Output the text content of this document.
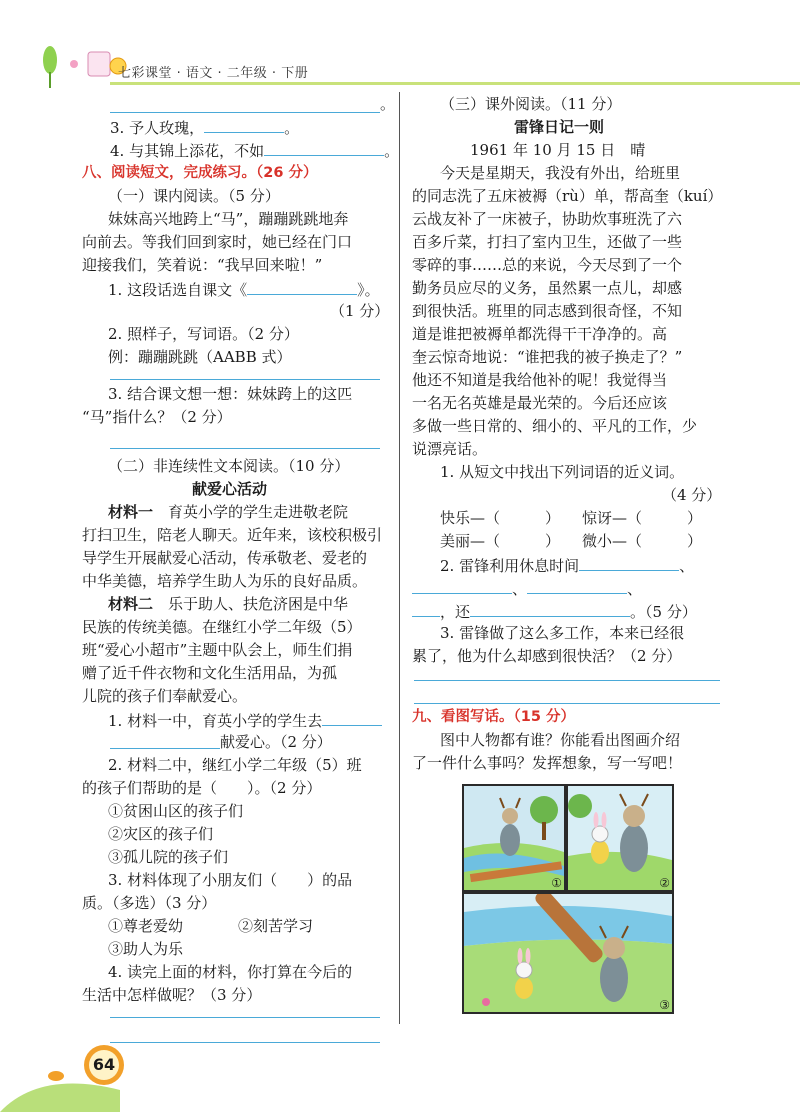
七彩课堂 · 语文 · 二年级 · 下册
。
3. 予人玫瑰，	。
4. 与其锦上添花，不如	。
八、阅读短文，完成练习。（26 分）
（一）课内阅读。（5 分）
妹妹高兴地跨上“马”，蹦蹦跳跳地奔
向前去。等我们回到家时，她已经在门口
迎接我们，笑着说：“我早回来啦！”
1. 这段话选自课文《	》。
（1 分）
2. 照样子，写词语。（2 分）
例：蹦蹦跳跳（AABB 式）
3. 结合课文想一想：妹妹跨上的这匹
“马”指什么？（2 分）
（二）非连续性文本阅读。（10 分）
献爱心活动
材料一　育英小学的学生走进敬老院
打扫卫生，陪老人聊天。近年来，该校积极引
导学生开展献爱心活动，传承敬老、爱老的
中华美德，培养学生助人为乐的良好品质。
材料二　乐于助人、扶危济困是中华
民族的传统美德。在继红小学二年级（5）
班“爱心小超市”主题中队会上，师生们捐
赠了近千件衣物和文化生活用品，为孤
儿院的孩子们奉献爱心。
1. 材料一中，育英小学的学生去
献爱心。（2 分）
2. 材料二中，继红小学二年级（5）班
的孩子们帮助的是（　　）。（2 分）
①贫困山区的孩子们
②灾区的孩子们
③孤儿院的孩子们
3. 材料体现了小朋友们（　　）的品
质。（多选）（3 分）
①尊老爱幼	②刻苦学习
③助人为乐
4. 读完上面的材料，你打算在今后的
生活中怎样做呢？（3 分）
（三）课外阅读。（11 分）
雷锋日记一则
1961 年 10 月 15 日　晴
今天是星期天，我没有外出，给班里
的同志洗了五床被褥（rù）单，帮高奎（kuí）
云战友补了一床被子，协助炊事班洗了六
百多斤菜，打扫了室内卫生，还做了一些
零碎的事……总的来说，今天尽到了一个
勤务员应尽的义务，虽然累一点儿，却感
到很快活。班里的同志感到很奇怪，不知
道是谁把被褥单都洗得干干净净的。高
奎云惊奇地说：“谁把我的被子换走了？”
他还不知道是我给他补的呢！我觉得当
一名无名英雄是最光荣的。今后还应该
多做一些日常的、细小的、平凡的工作，少
说漂亮话。
1. 从短文中找出下列词语的近义词。
（4 分）
快乐—（　　　） 惊讶—（　　　）
美丽—（　　　） 微小—（　　　）
2. 雷锋利用休息时间	、
、	、
，还	。（5 分）
3. 雷锋做了这么多工作，本来已经很
累了，他为什么却感到很快活？（2 分）
九、看图写话。（15 分）
图中人物都有谁？你能看出图画介绍
了一件什么事吗？发挥想象，写一写吧！
①	②
③
64
